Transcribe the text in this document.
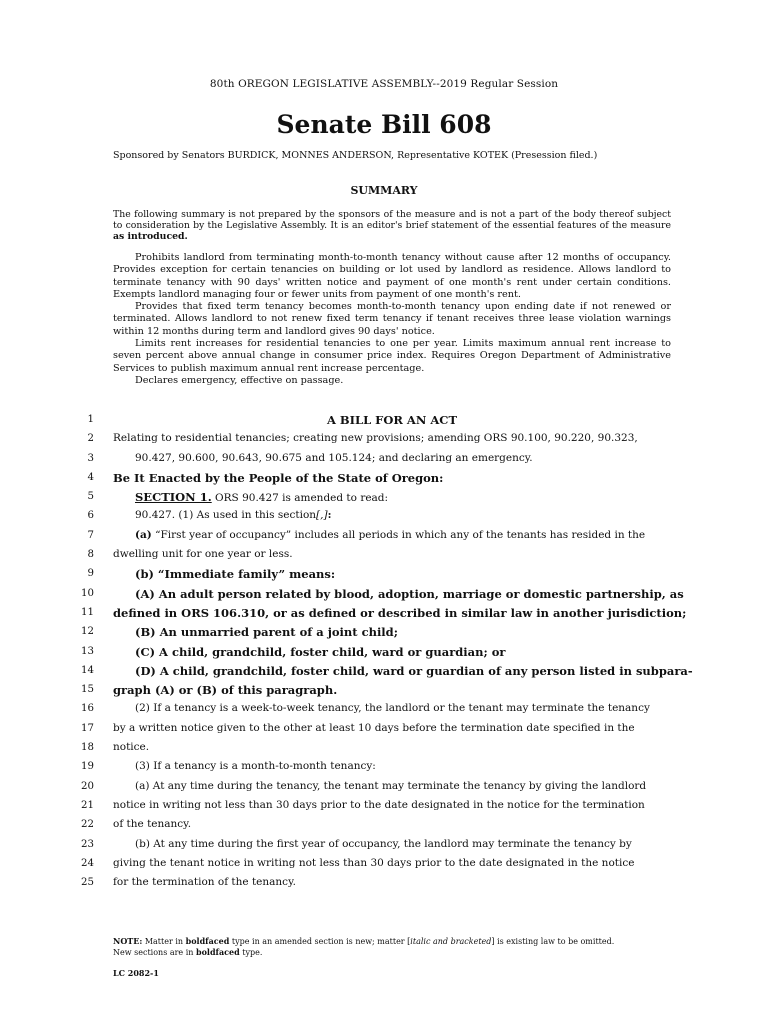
80th OREGON LEGISLATIVE ASSEMBLY--2019 Regular Session
Senate Bill 608
Sponsored by Senators BURDICK, MONNES ANDERSON, Representative KOTEK (Presession filed.)
SUMMARY
The following summary is not prepared by the sponsors of the measure and is not a part of the body thereof subject to consideration by the Legislative Assembly. It is an editor's brief statement of the essential features of the measure as introduced.

Prohibits landlord from terminating month-to-month tenancy without cause after 12 months of occupancy. Provides exception for certain tenancies on building or lot used by landlord as residence. Allows landlord to terminate tenancy with 90 days' written notice and payment of one month's rent under certain conditions. Exempts landlord managing four or fewer units from payment of one month's rent.

Provides that fixed term tenancy becomes month-to-month tenancy upon ending date if not renewed or terminated. Allows landlord to not renew fixed term tenancy if tenant receives three lease violation warnings within 12 months during term and landlord gives 90 days' notice.

Limits rent increases for residential tenancies to one per year. Limits maximum annual rent increase to seven percent above annual change in consumer price index. Requires Oregon Department of Administrative Services to publish maximum annual rent increase percentage.

Declares emergency, effective on passage.

1	A BILL FOR AN ACT
2 Relating to residential tenancies; creating new provisions; amending ORS 90.100, 90.220, 90.323,
3	90.427, 90.600, 90.643, 90.675 and 105.124; and declaring an emergency.
4 Be It Enacted by the People of the State of Oregon:
5	SECTION 1. ORS 90.427 is amended to read:
6	90.427. (1) As used in this section[,]:
7	(a) “First year of occupancy” includes all periods in which any of the tenants has resided in the
8 dwelling unit for one year or less.
9	(b) “Immediate family” means:
10	(A) An adult person related by blood, adoption, marriage or domestic partnership, as
11 defined in ORS 106.310, or as defined or described in similar law in another jurisdiction;
12	(B) An unmarried parent of a joint child;
13	(C) A child, grandchild, foster child, ward or guardian; or
14	(D) A child, grandchild, foster child, ward or guardian of any person listed in subpara-
15 graph (A) or (B) of this paragraph.
16	(2) If a tenancy is a week-to-week tenancy, the landlord or the tenant may terminate the tenancy
17 by a written notice given to the other at least 10 days before the termination date specified in the
18 notice.
19	(3) If a tenancy is a month-to-month tenancy:
20	(a) At any time during the tenancy, the tenant may terminate the tenancy by giving the landlord
21 notice in writing not less than 30 days prior to the date designated in the notice for the termination
22 of the tenancy.
23	(b) At any time during the first year of occupancy, the landlord may terminate the tenancy by
24 giving the tenant notice in writing not less than 30 days prior to the date designated in the notice
25 for the termination of the tenancy.
NOTE: Matter in boldfaced type in an amended section is new; matter [italic and bracketed] is existing law to be omitted.
New sections are in boldfaced type.
LC 2082-1
